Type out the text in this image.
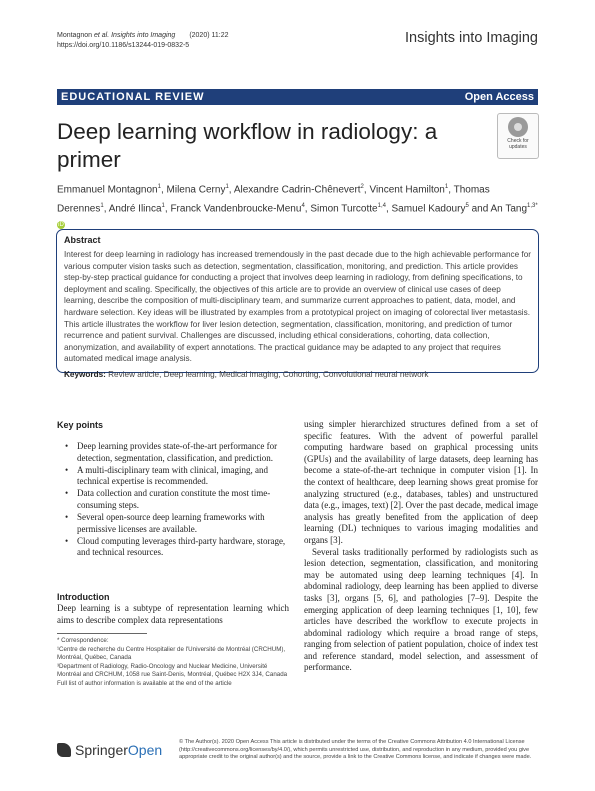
Montagnon et al. Insights into Imaging (2020) 11:22
https://doi.org/10.1186/s13244-019-0832-5	Insights into Imaging
EDUCATIONAL REVIEW	Open Access
Deep learning workflow in radiology: a primer
Check for
updates
Emmanuel Montagnon$^1$, Milena Cerny$^1$, Alexandre Cadrin-Chênevert$^2$, Vincent Hamilton$^1$, Thomas Derennes$^1$, André Ilinca$^1$, Franck Vandenbroucke-Menu$^4$, Simon Turcotte$^{1,4}$, Samuel Kadoury$^5$ and An Tang$^{1,3*}$ iD
Abstract

Interest for deep learning in radiology has increased tremendously in the past decade due to the high achievable performance for various computer vision tasks such as detection, segmentation, classification, monitoring, and prediction. This article provides step-by-step practical guidance for conducting a project that involves deep learning in radiology, from defining specifications, to deployment and scaling. Specifically, the objectives of this article are to provide an overview of clinical use cases of deep learning, describe the composition of multi-disciplinary team, and summarize current approaches to patient, data, model, and hardware selection. Key ideas will be illustrated by examples from a prototypical project on imaging of colorectal liver metastasis. This article illustrates the workflow for liver lesion detection, segmentation, classification, monitoring, and prediction of tumor recurrence and patient survival. Challenges are discussed, including ethical considerations, cohorting, data collection, anonymization, and availability of expert annotations. The practical guidance may be adapted to any project that requires automated medical image analysis.

Keywords: Review article, Deep learning, Medical imaging, Cohorting, Convolutional neural network
Key points
• Deep learning provides state-of-the-art performance for detection, segmentation, classification, and prediction.
• A multi-disciplinary team with clinical, imaging, and technical expertise is recommended.
• Data collection and curation constitute the most time-consuming steps.
• Several open-source deep learning frameworks with permissive licenses are available.
• Cloud computing leverages third-party hardware, storage, and technical resources.
Introduction
Deep learning is a subtype of representation learning which aims to describe complex data representations
* Correspondence:
¹Centre de recherche du Centre Hospitalier de l'Université de Montréal (CRCHUM), Montréal, Québec, Canada
³Department of Radiology, Radio-Oncology and Nuclear Medicine, Université Montréal and CRCHUM, 1058 rue Saint-Denis, Montréal, Québec H2X 3J4, Canada
Full list of author information is available at the end of the article

using simpler hierarchized structures defined from a set of specific features. With the advent of powerful parallel computing hardware based on graphical processing units (GPUs) and the availability of large datasets, deep learning has become a state-of-the-art technique in computer vision [1]. In the context of healthcare, deep learning shows great promise for analyzing structured (e.g., databases, tables) and unstructured data (e.g., images, text) [2]. Over the past decade, medical image analysis has greatly benefited from the application of deep learning (DL) techniques to various imaging modalities and organs [3].

Several tasks traditionally performed by radiologists such as lesion detection, segmentation, classification, and monitoring may be automated using deep learning techniques [4]. In abdominal radiology, deep learning has been applied to diverse tasks [3], organs [5, 6], and pathologies [7–9]. Despite the emerging application of deep learning techniques [1, 10], few articles have described the workflow to execute projects in abdominal radiology which require a broad range of steps, ranging from selection of patient population, choice of index test and reference standard, model selection, and assessment of performance.

SpringerOpen	© The Author(s). 2020 Open Access This article is distributed under the terms of the Creative Commons Attribution 4.0 International License (http://creativecommons.org/licenses/by/4.0/), which permits unrestricted use, distribution, and reproduction in any medium, provided you give appropriate credit to the original author(s) and the source, provide a link to the Creative Commons license, and indicate if changes were made.
